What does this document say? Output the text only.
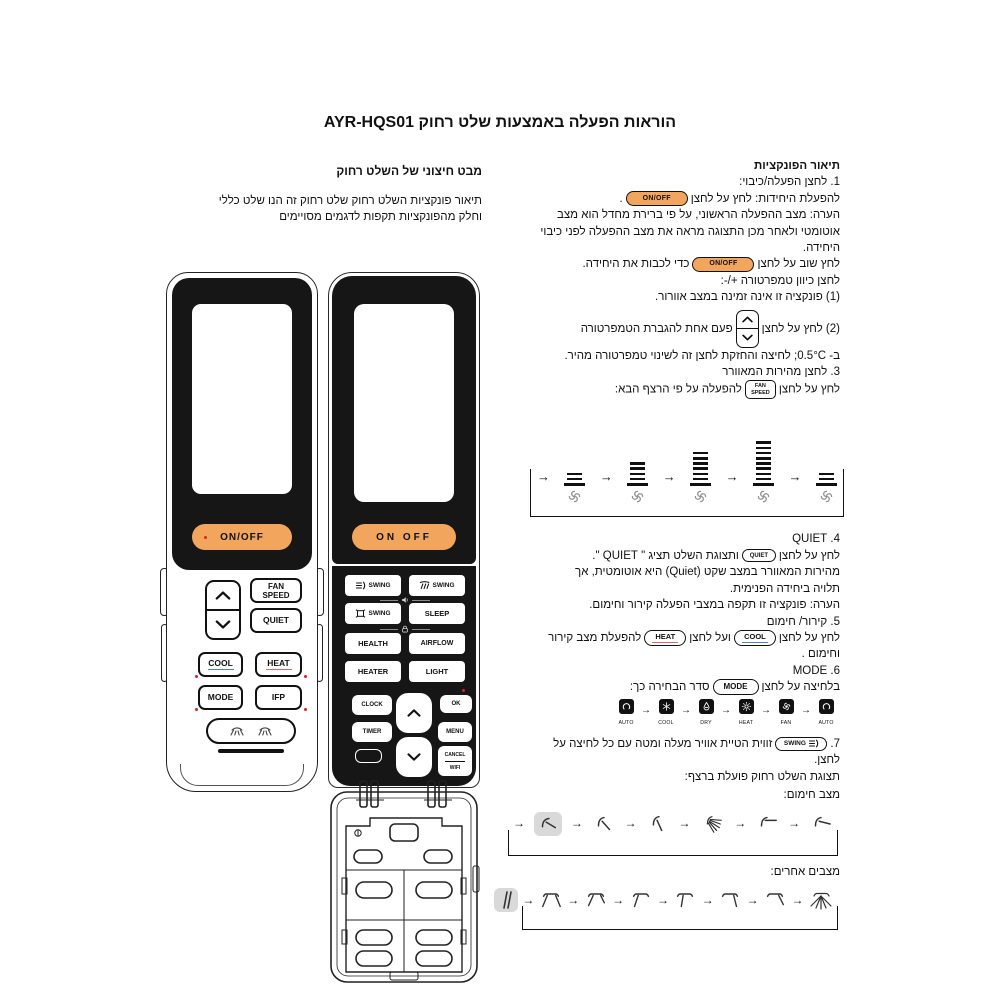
הוראות הפעלה באמצעות שלט רחוק AYR-HQS01
מבט חיצוני של השלט רחוק
תיאור פונקציות השלט רחוק שלט רחוק זה הנו שלט כללי
וחלק מהפונקציות תקפות לדגמים מסויימים
ON/OFF
FAN
SPEED
QUIET
COOL	HEAT
MODE	IFP
ON OFF
SWING	SWING
SWING	SLEEP
HEALTH	AIRFLOW
HEATER	LIGHT
CLOCK
TIMER
OK
MENU
CANCEL
WIFI
תיאור הפונקציות
1. לחצן הפעלה/כיבוי:
להפעלת היחידות: לחץ על לחצן
ON/OFF
.
הערה: מצב ההפעלה הראשוני, על פי ברירת מחדל הוא מצב
אוטומטי ולאחר מכן התצוגה מראה את מצב ההפעלה לפני כיבוי
היחידה.
לחץ שוב על לחצן
ON/OFF
כדי לכבות את היחידה.
לחצן כיוון טמפרטורה +/-:
(1) פונקציה זו אינה זמינה במצב אוורור.
(2) לחץ על לחצן
פעם אחת להגברת הטמפרטורה
ב- 0.5°C; לחיצה והחזקת לחצן זה לשינוי טמפרטורה מהיר.
3. לחצן מהירות המאוורר
לחץ על לחצן
FAN
SPEED
להפעלה על פי הרצף הבא:
→	→	→	→	→
4. QUIET
לחץ על לחצןQUIETותצוגת השלט תציג " QUIET ".
מהירות המאוורר במצב שקט (Quiet) היא אוטומטית, אך
תלויה ביחידה הפנימית.
הערה: פונקציה זו תקפה במצבי הפעלה קירור וחימום.
5. קירור/ חימום
לחץ על לחצן
COOL
ועל לחצן
HEAT
להפעלת מצב קירור
וחימום .
6. MODE
בלחיצה על לחצןMODEסדר הבחירה כך:
AUTO
→
COOL
→
DRY
→
HEAT
→
FAN
→
AUTO
7.
SWING
זווית הטיית אוויר מעלה ומטה עם כל לחיצה על לחצן.
תצוגת השלט רחוק פועלת ברצף:
מצב חימום:
→	→	→	→	→	→
מצבים אחרים:
→	→	→	→	→	→	→
